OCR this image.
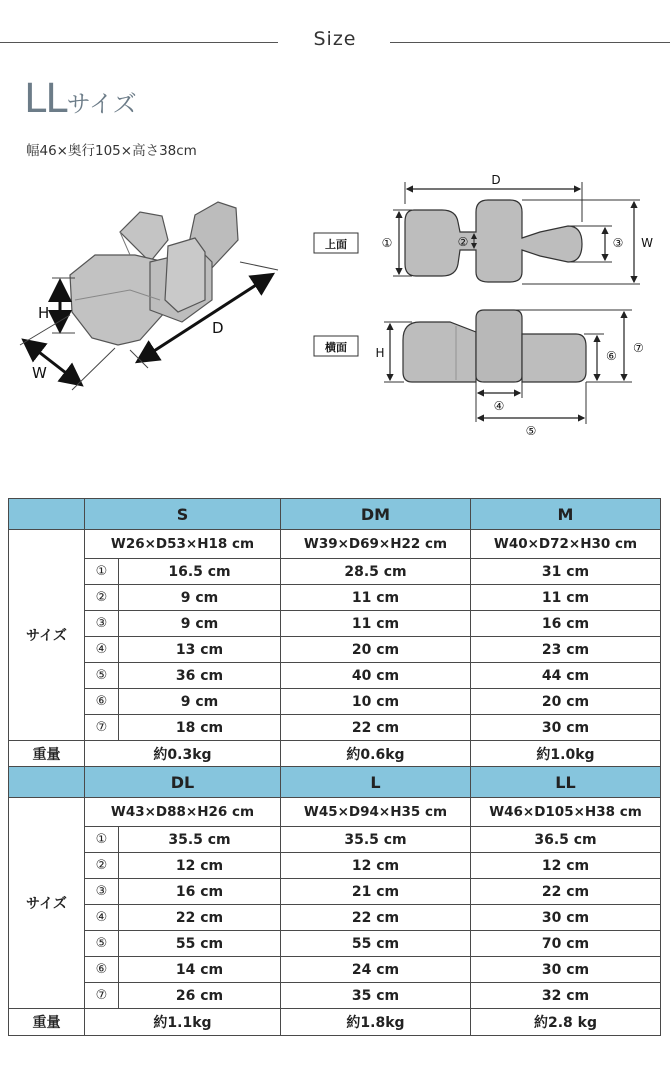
Size
LLサイズ
幅46×奥行105×高さ38cm
H
W
D
上面
D
①	②	③ W
横面 H	⑥
⑦
④
⑤
	S		DM	M
サイズ	W26×D53×H18 cm		W39×D69×H22 cm	W40×D72×H30 cm
	①	16.5 cm	28.5 cm	31 cm
	②	9 cm	11 cm	11 cm
	③	9 cm	11 cm	16 cm
	④	13 cm	20 cm	23 cm
	⑤	36 cm	40 cm	44 cm
	⑥	9 cm	10 cm	20 cm
	⑦	18 cm	22 cm	30 cm
重量	約0.3kg		約0.6kg	約1.0kg
	DL		L	LL
サイズ	W43×D88×H26 cm		W45×D94×H35 cm	W46×D105×H38 cm
	①	35.5 cm	35.5 cm	36.5 cm
	②	12 cm	12 cm	12 cm
	③	16 cm	21 cm	22 cm
	④	22 cm	22 cm	30 cm
	⑤	55 cm	55 cm	70 cm
	⑥	14 cm	24 cm	30 cm
	⑦	26 cm	35 cm	32 cm
重量	約1.1kg		約1.8kg	約2.8 kg
